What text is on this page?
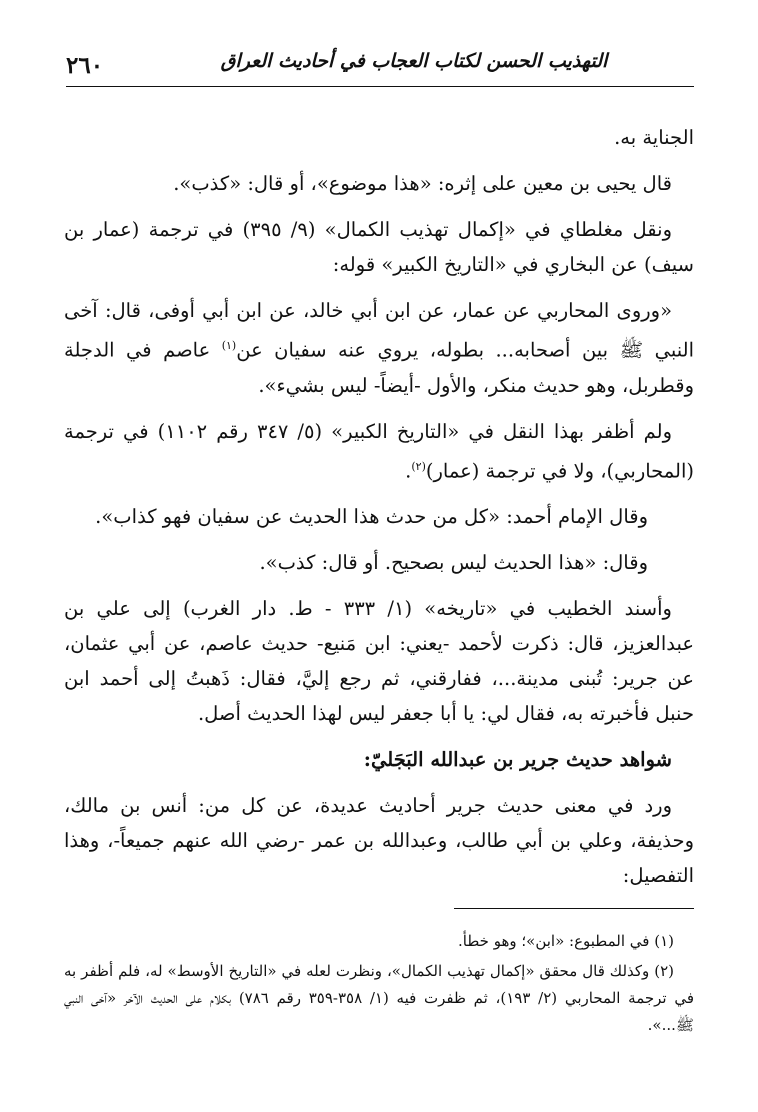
التهذيب الحسن لكتاب العجاب في أحاديث العراق
٢٦٠

الجناية به.

قال يحيى بن معين على إثره: «هذا موضوع»، أو قال: «كذب».

ونقل مغلطاي في «إكمال تهذيب الكمال» (٩/ ٣٩٥) في ترجمة (عمار بن سيف) عن البخاري في «التاريخ الكبير» قوله:

«وروى المحاربي عن عمار، عن ابن أبي خالد، عن ابن أبي أوفى، قال: آخى النبي ﷺ بين أصحابه... بطوله، يروي عنه سفيان عن$^{(١)}$ عاصم في الدجلة وقطربل، وهو حديث منكر، والأول -أيضاً- ليس بشيء».

ولم أظفر بهذا النقل في «التاريخ الكبير» (٥/ ٣٤٧ رقم ١١٠٢) في ترجمة (المحاربي)، ولا في ترجمة (عمار)$^{(٢)}$.

وقال الإمام أحمد: «كل من حدث هذا الحديث عن سفيان فهو كذاب».

وقال: «هذا الحديث ليس بصحيح. أو قال: كذب».

وأسند الخطيب في «تاريخه» (١/ ٣٣٣ - ط. دار الغرب) إلى علي بن عبدالعزيز، قال: ذكرت لأحمد -يعني: ابن مَنيع- حديث عاصم، عن أبي عثمان، عن جرير: تُبنى مدينة...، ففارقني، ثم رجع إليَّ، فقال: ذَهبتُ إلى أحمد ابن حنبل فأخبرته به، فقال لي: يا أبا جعفر ليس لهذا الحديث أصل.

شواهد حديث جرير بن عبدالله البَجَليّ:

ورد في معنى حديث جرير أحاديث عديدة، عن كل من: أنس بن مالك، وحذيفة، وعلي بن أبي طالب، وعبدالله بن عمر -رضي الله عنهم جميعاً-، وهذا التفصيل:

(١) في المطبوع: «ابن»؛ وهو خطأ.

(٢) وكذلك قال محقق «إكمال تهذيب الكمال»، ونظرت لعله في «التاريخ الأوسط» له، فلم أظفر به في ترجمة المحاربي (٢/ ١٩٣)، ثم ظفرت فيه (١/ ٣٥٨-٣٥٩ رقم ٧٨٦) بكلام على الحديث الآخر «آخى النبي ﷺ...».
